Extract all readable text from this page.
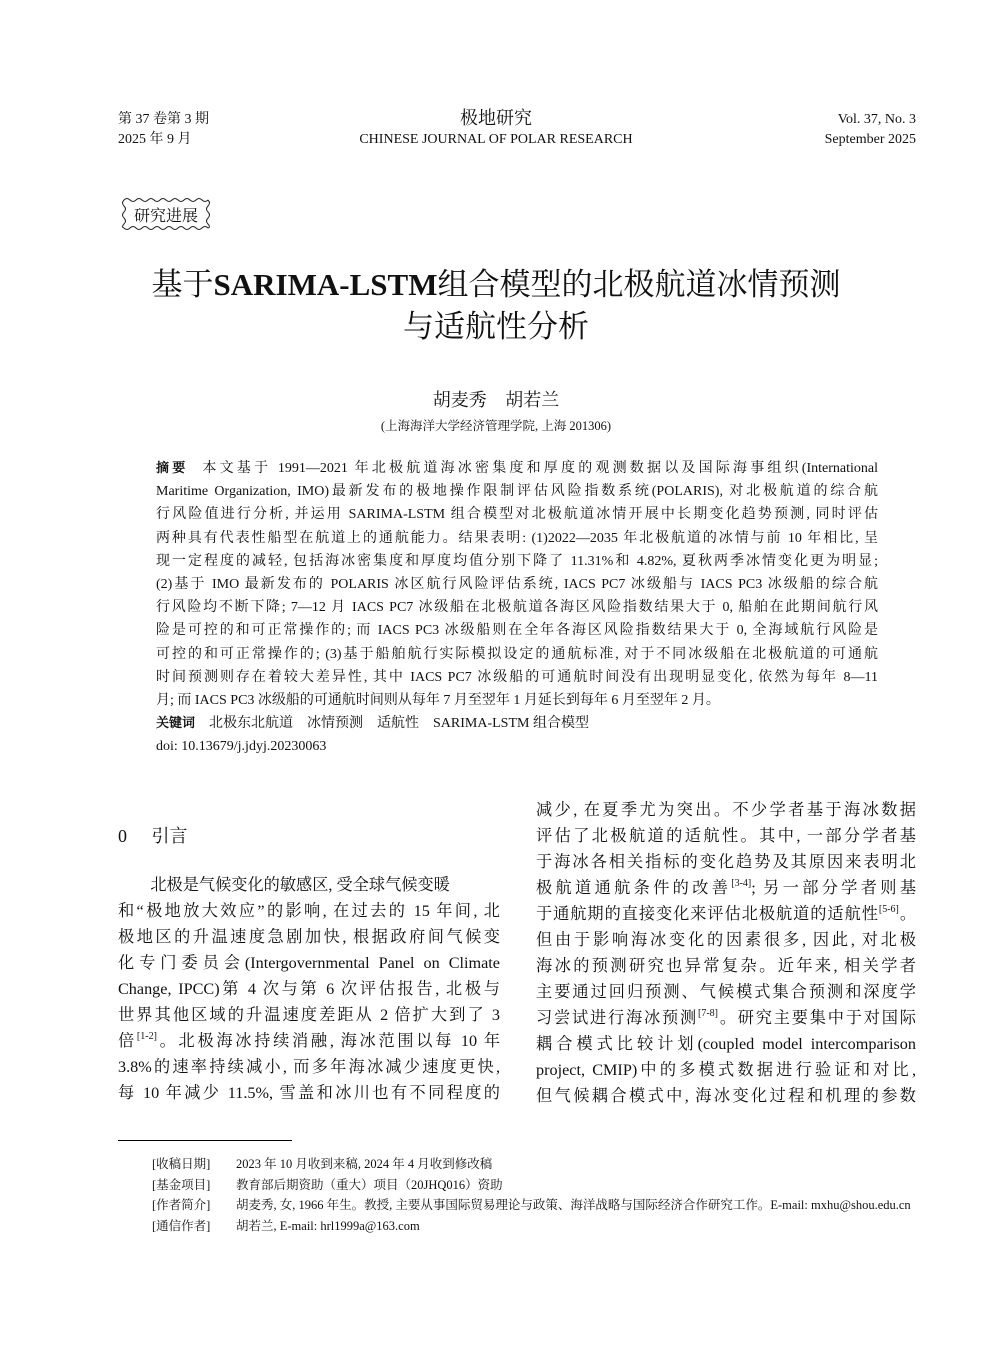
第 37 卷第 3 期
2025 年 9 月
极地研究
CHINESE JOURNAL OF POLAR RESEARCH
Vol. 37, No. 3
September 2025
研究进展
基于SARIMA-LSTM组合模型的北极航道冰情预测
与适航性分析
胡麦秀 胡若兰
(上海海洋大学经济管理学院, 上海 201306)
摘要 本文基于 1991—2021 年北极航道海冰密集度和厚度的观测数据以及国际海事组织(International
Maritime Organization, IMO)最新发布的极地操作限制评估风险指数系统(POLARIS), 对北极航道的综合航
行风险值进行分析, 并运用 SARIMA-LSTM 组合模型对北极航道冰情开展中长期变化趋势预测, 同时评估
两种具有代表性船型在航道上的通航能力。结果表明: (1)2022—2035 年北极航道的冰情与前 10 年相比, 呈
现一定程度的减轻, 包括海冰密集度和厚度均值分别下降了 11.31%和 4.82%, 夏秋两季冰情变化更为明显;
(2)基于 IMO 最新发布的 POLARIS 冰区航行风险评估系统, IACS PC7 冰级船与 IACS PC3 冰级船的综合航
行风险均不断下降; 7—12 月 IACS PC7 冰级船在北极航道各海区风险指数结果大于 0, 船舶在此期间航行风
险是可控的和可正常操作的; 而 IACS PC3 冰级船则在全年各海区风险指数结果大于 0, 全海域航行风险是
可控的和可正常操作的; (3)基于船舶航行实际模拟设定的通航标准, 对于不同冰级船在北极航道的可通航
时间预测则存在着较大差异性, 其中 IACS PC7 冰级船的可通航时间没有出现明显变化, 依然为每年 8—11
月; 而 IACS PC3 冰级船的可通航时间则从每年 7 月至翌年 1 月延长到每年 6 月至翌年 2 月。
关键词 北极东北航道　冰情预测　适航性　SARIMA-LSTM 组合模型
doi: 10.13679/j.jdyj.20230063
0 引言
　　北极是气候变化的敏感区, 受全球气候变暖
和“极地放大效应”的影响, 在过去的 15 年间, 北
极地区的升温速度急剧加快, 根据政府间气候变
化专门委员会(Intergovernmental Panel on Climate
Change, IPCC)第 4 次与第 6 次评估报告, 北极与
世界其他区域的升温速度差距从 2 倍扩大到了 3
倍[1-2]。北极海冰持续消融, 海冰范围以每 10 年
3.8%的速率持续减小, 而多年海冰减少速度更快,
每 10 年减少 11.5%, 雪盖和冰川也有不同程度的
减少, 在夏季尤为突出。不少学者基于海冰数据
评估了北极航道的适航性。其中, 一部分学者基
于海冰各相关指标的变化趋势及其原因来表明北
极航道通航条件的改善[3-4]; 另一部分学者则基
于通航期的直接变化来评估北极航道的适航性[5-6]。
但由于影响海冰变化的因素很多, 因此, 对北极
海冰的预测研究也异常复杂。近年来, 相关学者
主要通过回归预测、气候模式集合预测和深度学
习尝试进行海冰预测[7-8]。研究主要集中于对国际
耦合模式比较计划(coupled model intercomparison
project, CMIP)中的多模式数据进行验证和对比,
但气候耦合模式中, 海冰变化过程和机理的参数
[收稿日期]	2023 年 10 月收到来稿, 2024 年 4 月收到修改稿
[基金项目]	教育部后期资助（重大）项目（20JHQ016）资助
[作者简介]	胡麦秀, 女, 1966 年生。教授, 主要从事国际贸易理论与政策、海洋战略与国际经济合作研究工作。E-mail: mxhu@shou.edu.cn
[通信作者]	胡若兰, E-mail: hrl1999a@163.com
